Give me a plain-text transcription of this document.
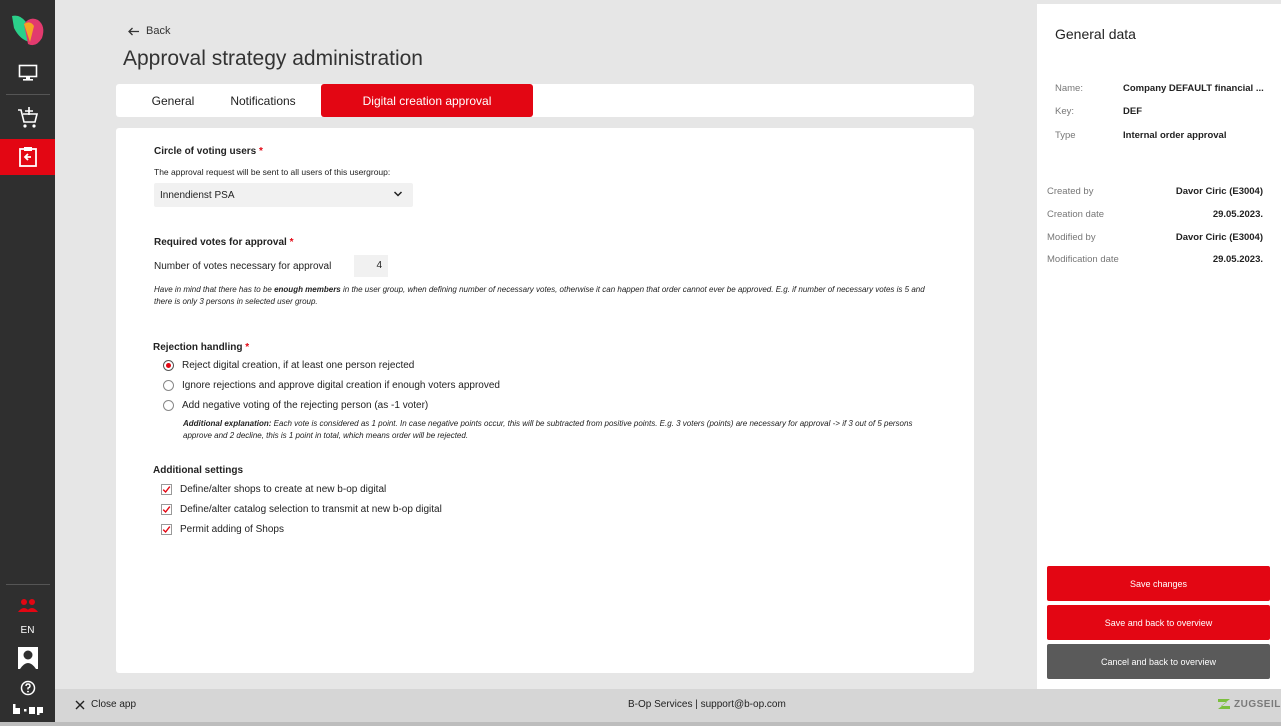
EN
Back
Approval strategy administration
General	Notifications	Digital creation approval
Circle of voting users *
The approval request will be sent to all users of this usergroup:
Innendienst PSA
Required votes for approval *
Number of votes necessary for approval	4
Have in mind that there has to be enough members in the user group, when defining number of necessary votes, otherwise it can happen that order cannot ever be approved. E.g. if number of necessary votes is 5 and there is only 3 persons in selected user group.
Rejection handling *
Reject digital creation, if at least one person rejected
Ignore rejections and approve digital creation if enough voters approved
Add negative voting of the rejecting person (as -1 voter)
Additional explanation: Each vote is considered as 1 point. In case negative points occur, this will be subtracted from positive points. E.g. 3 voters (points) are necessary for approval -> if 3 out of 5 persons approve and 2 decline, this is 1 point in total, which means order will be rejected.
Additional settings
Define/alter shops to create at new b-op digital
Define/alter catalog selection to transmit at new b-op digital
Permit adding of Shops
General data
Name:	Company DEFAULT financial ...
Key:	DEF
Type	Internal order approval
Created by	Davor Ciric (E3004)
Creation date	29.05.2023.
Modified by	Davor Ciric (E3004)
Modification date	29.05.2023.
Save changes
Save and back to overview
Cancel and back to overview
Close app	B-Op Services | support@b-op.com	ZUGSEIL
